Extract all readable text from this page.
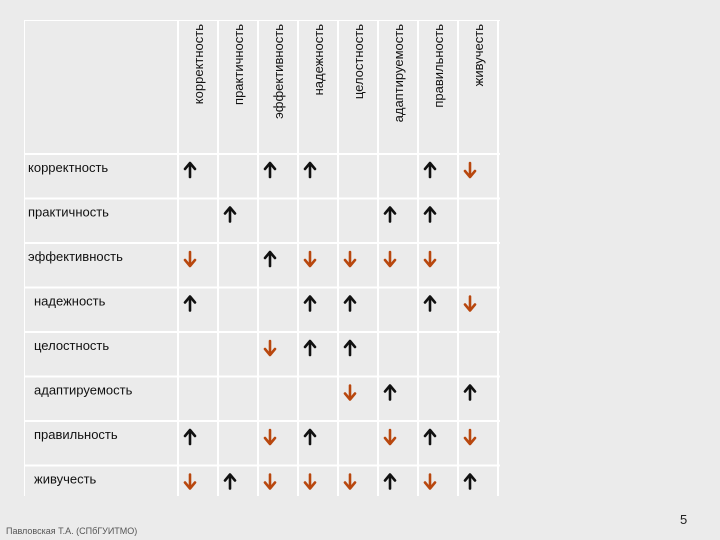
корректность практичность эффективность надежность целостность адаптируемость правильность живучесть
корректность
практичность
эффективность
надежность
целостность
адаптируемость
правильность
живучесть
Павловская Т.А. (СПбГУИТМО)
5
